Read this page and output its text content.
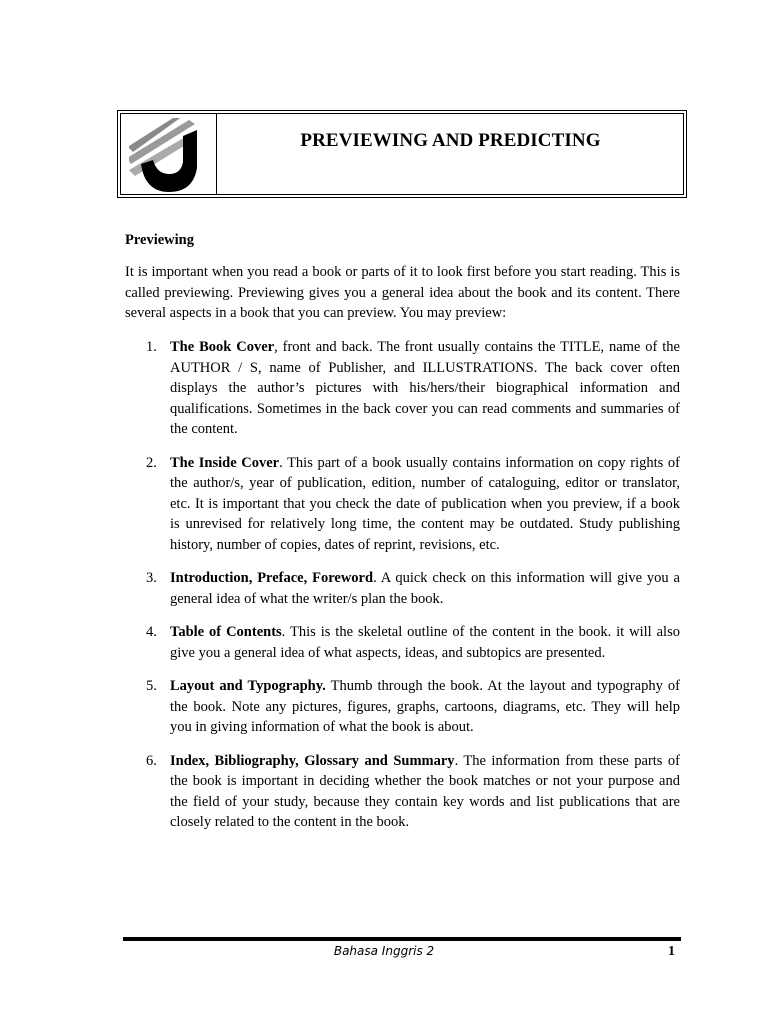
PREVIEWING AND PREDICTING
Previewing
It is important when you read a book or parts of it to look first before you start reading. This is called previewing. Previewing gives you a general idea about the book and its content. There several aspects in a book that you can preview. You may preview:
1. The Book Cover, front and back. The front usually contains the TITLE, name of the AUTHOR / S, name of Publisher, and ILLUSTRATIONS. The back cover often displays the author’s pictures with his/hers/their biographical information and qualifications. Sometimes in the back cover you can read comments and summaries of the content.
2. The Inside Cover. This part of a book usually contains information on copy rights of the author/s, year of publication, edition, number of cataloguing, editor or translator, etc. It is important that you check the date of publication when you preview, if a book is unrevised for relatively long time, the content may be outdated. Study publishing history, number of copies, dates of reprint, revisions, etc.
3. Introduction, Preface, Foreword. A quick check on this information will give you a general idea of what the writer/s plan the book.
4. Table of Contents. This is the skeletal outline of the content in the book. it will also give you a general idea of what aspects, ideas, and subtopics are presented.
5. Layout and Typography. Thumb through the book. At the layout and typography of the book. Note any pictures, figures, graphs, cartoons, diagrams, etc. They will help you in giving information of what the book is about.
6. Index, Bibliography, Glossary and Summary. The information from these parts of the book is important in deciding whether the book matches or not your purpose and the field of your study, because they contain key words and list publications that are closely related to the content in the book.
Bahasa Inggris 2	1
